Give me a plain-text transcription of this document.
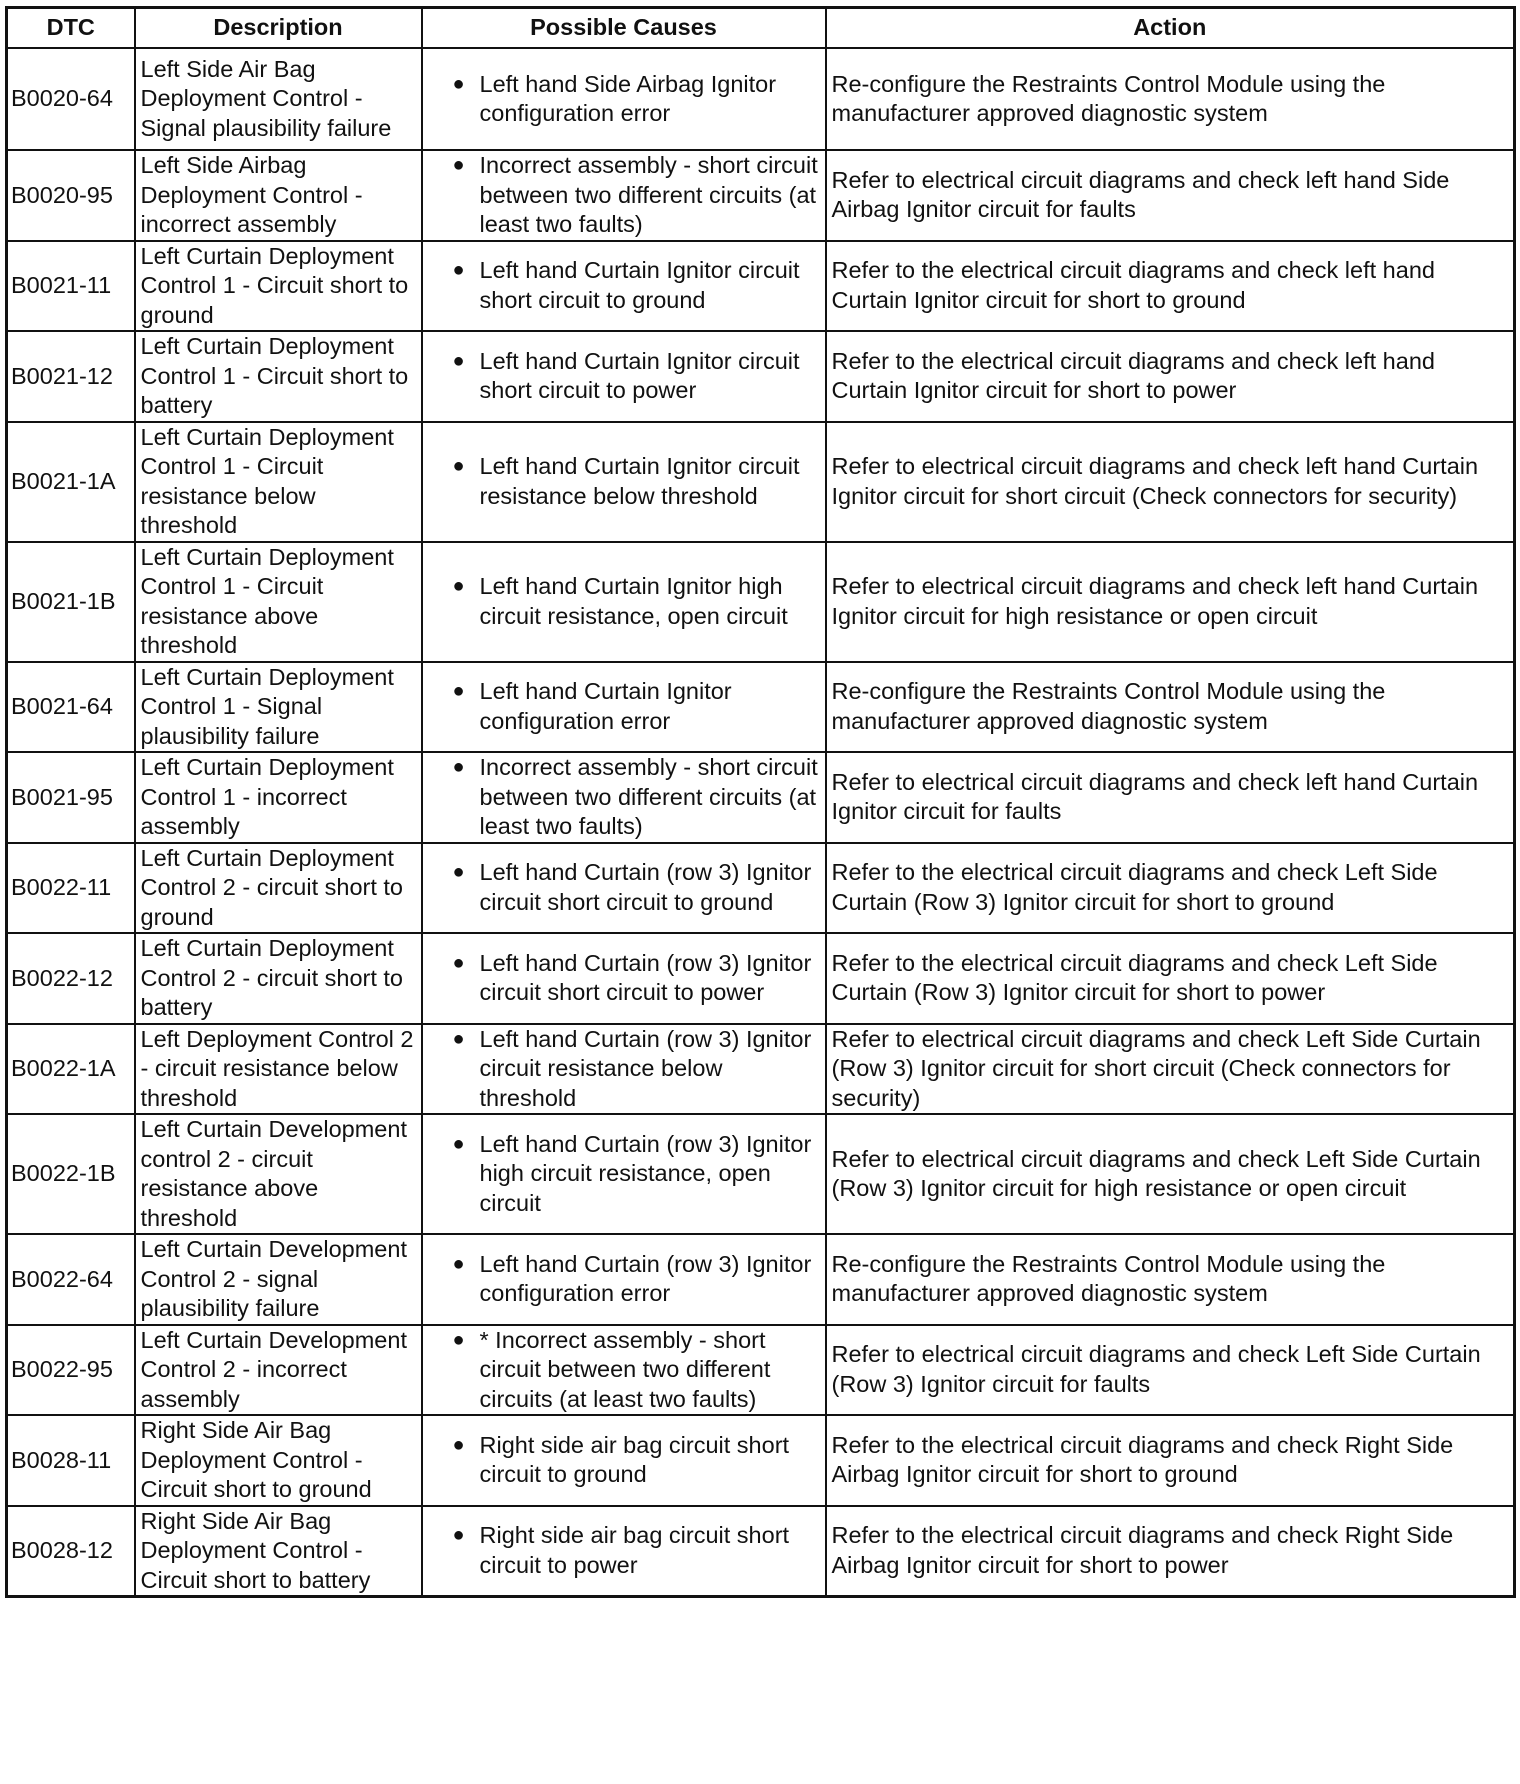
DTC	Description	Possible Causes	Action
B0020-64	Left Side Air Bag Deployment Control - Signal plausibility failure	● Left hand Side Airbag Ignitor configuration error	Re-configure the Restraints Control Module using the manufacturer approved diagnostic system
B0020-95	Left Side Airbag Deployment Control - incorrect assembly	● Incorrect assembly - short circuit between two different circuits (at least two faults)	Refer to electrical circuit diagrams and check left hand Side Airbag Ignitor circuit for faults
B0021-11	Left Curtain Deployment Control 1 - Circuit short to ground	● Left hand Curtain Ignitor circuit short circuit to ground	Refer to the electrical circuit diagrams and check left hand Curtain Ignitor circuit for short to ground
B0021-12	Left Curtain Deployment Control 1 - Circuit short to battery	● Left hand Curtain Ignitor circuit short circuit to power	Refer to the electrical circuit diagrams and check left hand Curtain Ignitor circuit for short to power
B0021-1A	Left Curtain Deployment Control 1 - Circuit resistance below threshold	● Left hand Curtain Ignitor circuit resistance below threshold	Refer to electrical circuit diagrams and check left hand Curtain Ignitor circuit for short circuit (Check connectors for security)
B0021-1B	Left Curtain Deployment Control 1 - Circuit resistance above threshold	● Left hand Curtain Ignitor high circuit resistance, open circuit	Refer to electrical circuit diagrams and check left hand Curtain Ignitor circuit for high resistance or open circuit
B0021-64	Left Curtain Deployment Control 1 - Signal plausibility failure	● Left hand Curtain Ignitor configuration error	Re-configure the Restraints Control Module using the manufacturer approved diagnostic system
B0021-95	Left Curtain Deployment Control 1 - incorrect assembly	● Incorrect assembly - short circuit between two different circuits (at least two faults)	Refer to electrical circuit diagrams and check left hand Curtain Ignitor circuit for faults
B0022-11	Left Curtain Deployment Control 2 - circuit short to ground	● Left hand Curtain (row 3) Ignitor circuit short circuit to ground	Refer to the electrical circuit diagrams and check Left Side Curtain (Row 3) Ignitor circuit for short to ground
B0022-12	Left Curtain Deployment Control 2 - circuit short to battery	● Left hand Curtain (row 3) Ignitor circuit short circuit to power	Refer to the electrical circuit diagrams and check Left Side Curtain (Row 3) Ignitor circuit for short to power
B0022-1A	Left Deployment Control 2 - circuit resistance below threshold	● Left hand Curtain (row 3) Ignitor circuit resistance below threshold	Refer to electrical circuit diagrams and check Left Side Curtain (Row 3) Ignitor circuit for short circuit (Check connectors for security)
B0022-1B	Left Curtain Development control 2 - circuit resistance above threshold	● Left hand Curtain (row 3) Ignitor high circuit resistance, open circuit	Refer to electrical circuit diagrams and check Left Side Curtain (Row 3) Ignitor circuit for high resistance or open circuit
B0022-64	Left Curtain Development Control 2 - signal plausibility failure	● Left hand Curtain (row 3) Ignitor configuration error	Re-configure the Restraints Control Module using the manufacturer approved diagnostic system
B0022-95	Left Curtain Development Control 2 - incorrect assembly	● * Incorrect assembly - short circuit between two different circuits (at least two faults)	Refer to electrical circuit diagrams and check Left Side Curtain (Row 3) Ignitor circuit for faults
B0028-11	Right Side Air Bag Deployment Control - Circuit short to ground	● Right side air bag circuit short circuit to ground	Refer to the electrical circuit diagrams and check Right Side Airbag Ignitor circuit for short to ground
B0028-12	Right Side Air Bag Deployment Control - Circuit short to battery	● Right side air bag circuit short circuit to power	Refer to the electrical circuit diagrams and check Right Side Airbag Ignitor circuit for short to power
